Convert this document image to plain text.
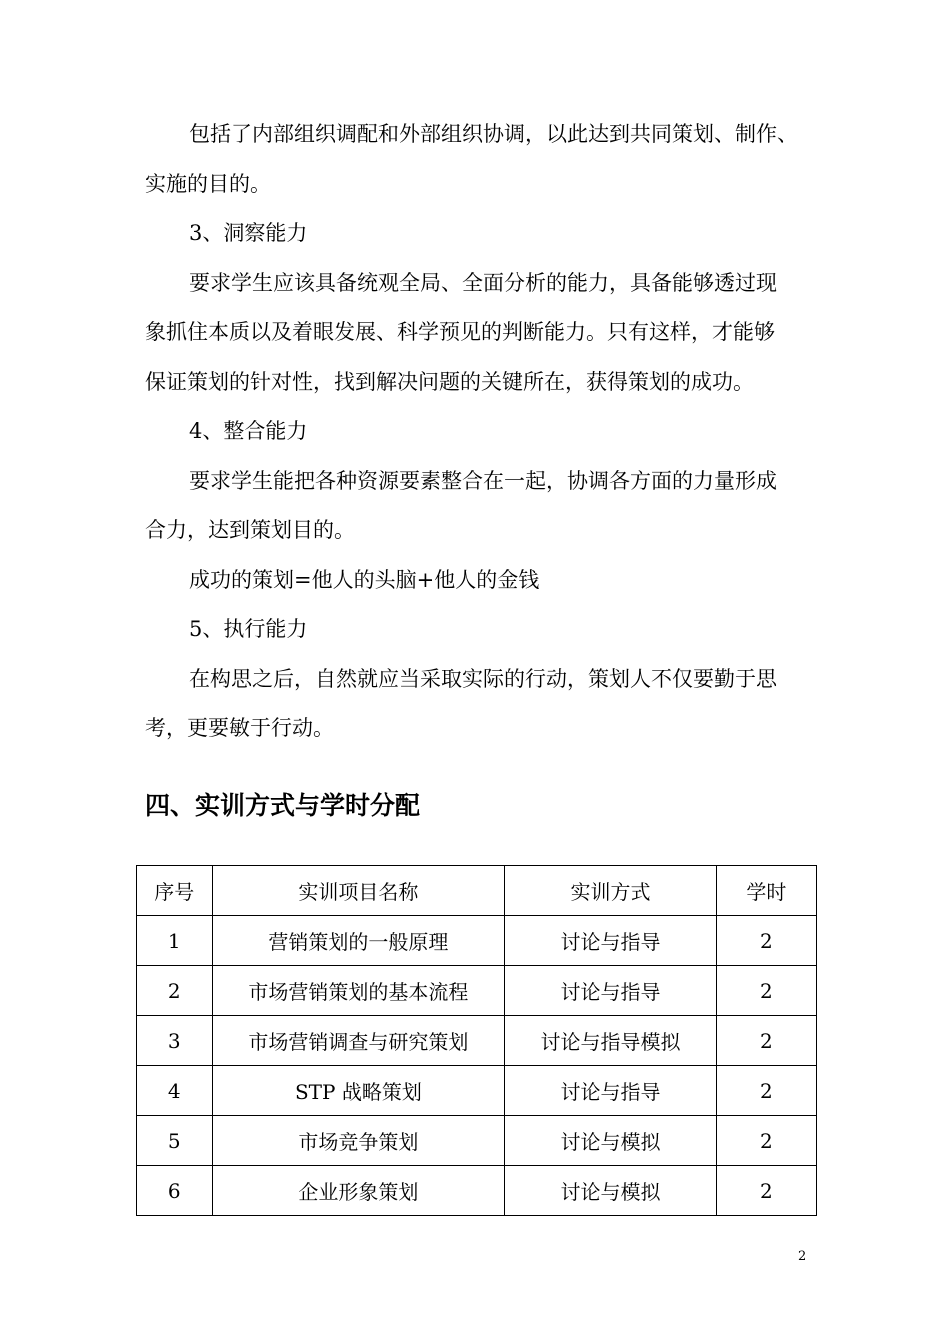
包括了内部组织调配和外部组织协调，以此达到共同策划、制作、
实施的目的。
3、洞察能力
要求学生应该具备统观全局、全面分析的能力，具备能够透过现
象抓住本质以及着眼发展、科学预见的判断能力。只有这样，才能够
保证策划的针对性，找到解决问题的关键所在，获得策划的成功。
4、整合能力
要求学生能把各种资源要素整合在一起，协调各方面的力量形成
合力，达到策划目的。
成功的策划=他人的头脑+他人的金钱
5、执行能力
在构思之后，自然就应当采取实际的行动，策划人不仅要勤于思
考，更要敏于行动。
四、实训方式与学时分配
序号	实训项目名称	实训方式	学时
1	营销策划的一般原理	讨论与指导	2
2	市场营销策划的基本流程	讨论与指导	2
3	市场营销调查与研究策划	讨论与指导模拟	2
4	STP 战略策划	讨论与指导	2
5	市场竞争策划	讨论与模拟	2
6	企业形象策划	讨论与模拟	2
2
